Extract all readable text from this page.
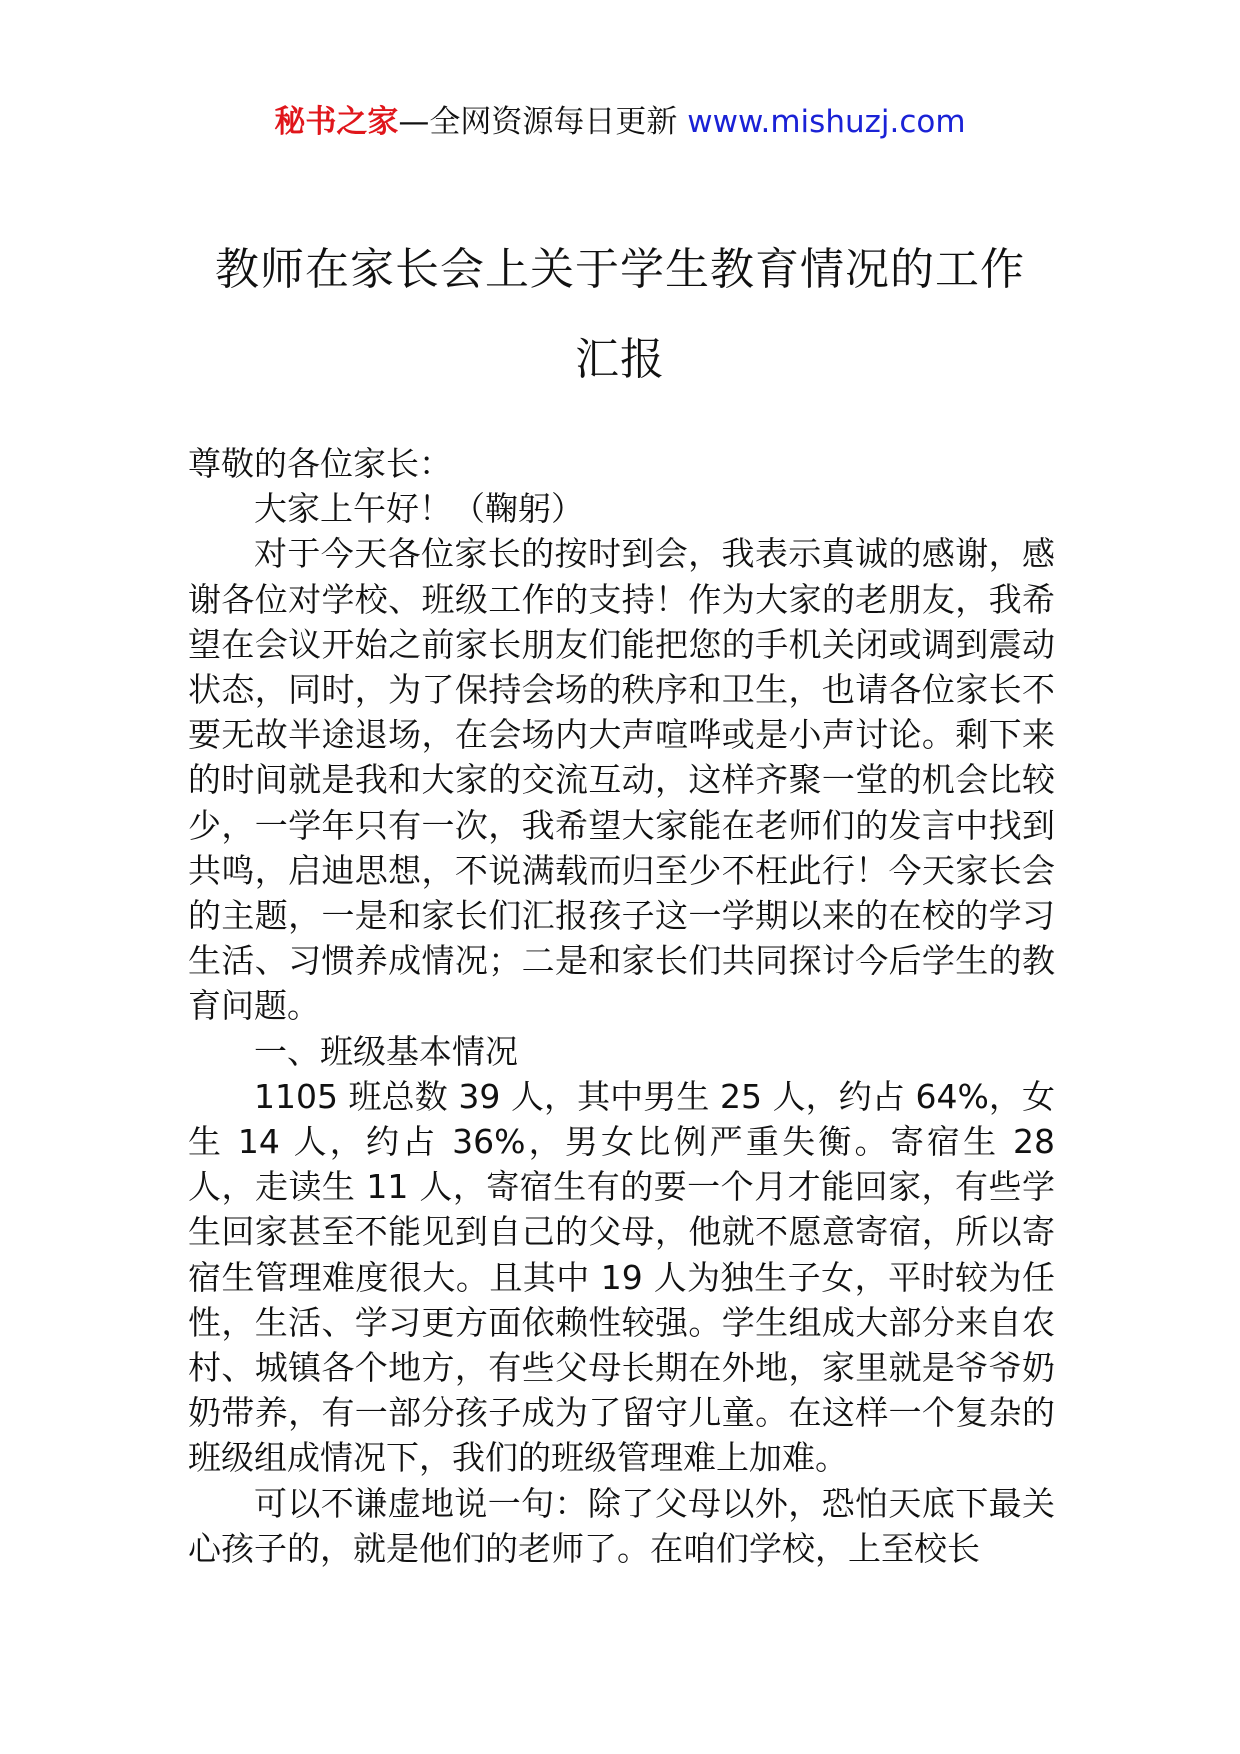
秘书之家—全网资源每日更新 www.mishuzj.com
教师在家长会上关于学生教育情况的工作
汇报

尊敬的各位家长：

大家上午好！（鞠躬）

对于今天各位家长的按时到会，我表示真诚的感谢，感谢各位对学校、班级工作的支持！作为大家的老朋友，我希望在会议开始之前家长朋友们能把您的手机关闭或调到震动状态，同时，为了保持会场的秩序和卫生，也请各位家长不要无故半途退场，在会场内大声喧哗或是小声讨论。剩下来的时间就是我和大家的交流互动，这样齐聚一堂的机会比较少，一学年只有一次，我希望大家能在老师们的发言中找到共鸣，启迪思想，不说满载而归至少不枉此行！今天家长会的主题，一是和家长们汇报孩子这一学期以来的在校的学习生活、习惯养成情况；二是和家长们共同探讨今后学生的教育问题。

一、班级基本情况

1105 班总数 39 人，其中男生 25 人，约占 64%，女生 14 人，约占 36%，男女比例严重失衡。寄宿生 28 人，走读生 11 人，寄宿生有的要一个月才能回家，有些学生回家甚至不能见到自己的父母，他就不愿意寄宿，所以寄宿生管理难度很大。且其中 19 人为独生子女，平时较为任性，生活、学习更方面依赖性较强。学生组成大部分来自农村、城镇各个地方，有些父母长期在外地，家里就是爷爷奶奶带养，有一部分孩子成为了留守儿童。在这样一个复杂的班级组成情况下，我们的班级管理难上加难。

可以不谦虚地说一句：除了父母以外，恐怕天底下最关心孩子的，就是他们的老师了。在咱们学校，上至校长
